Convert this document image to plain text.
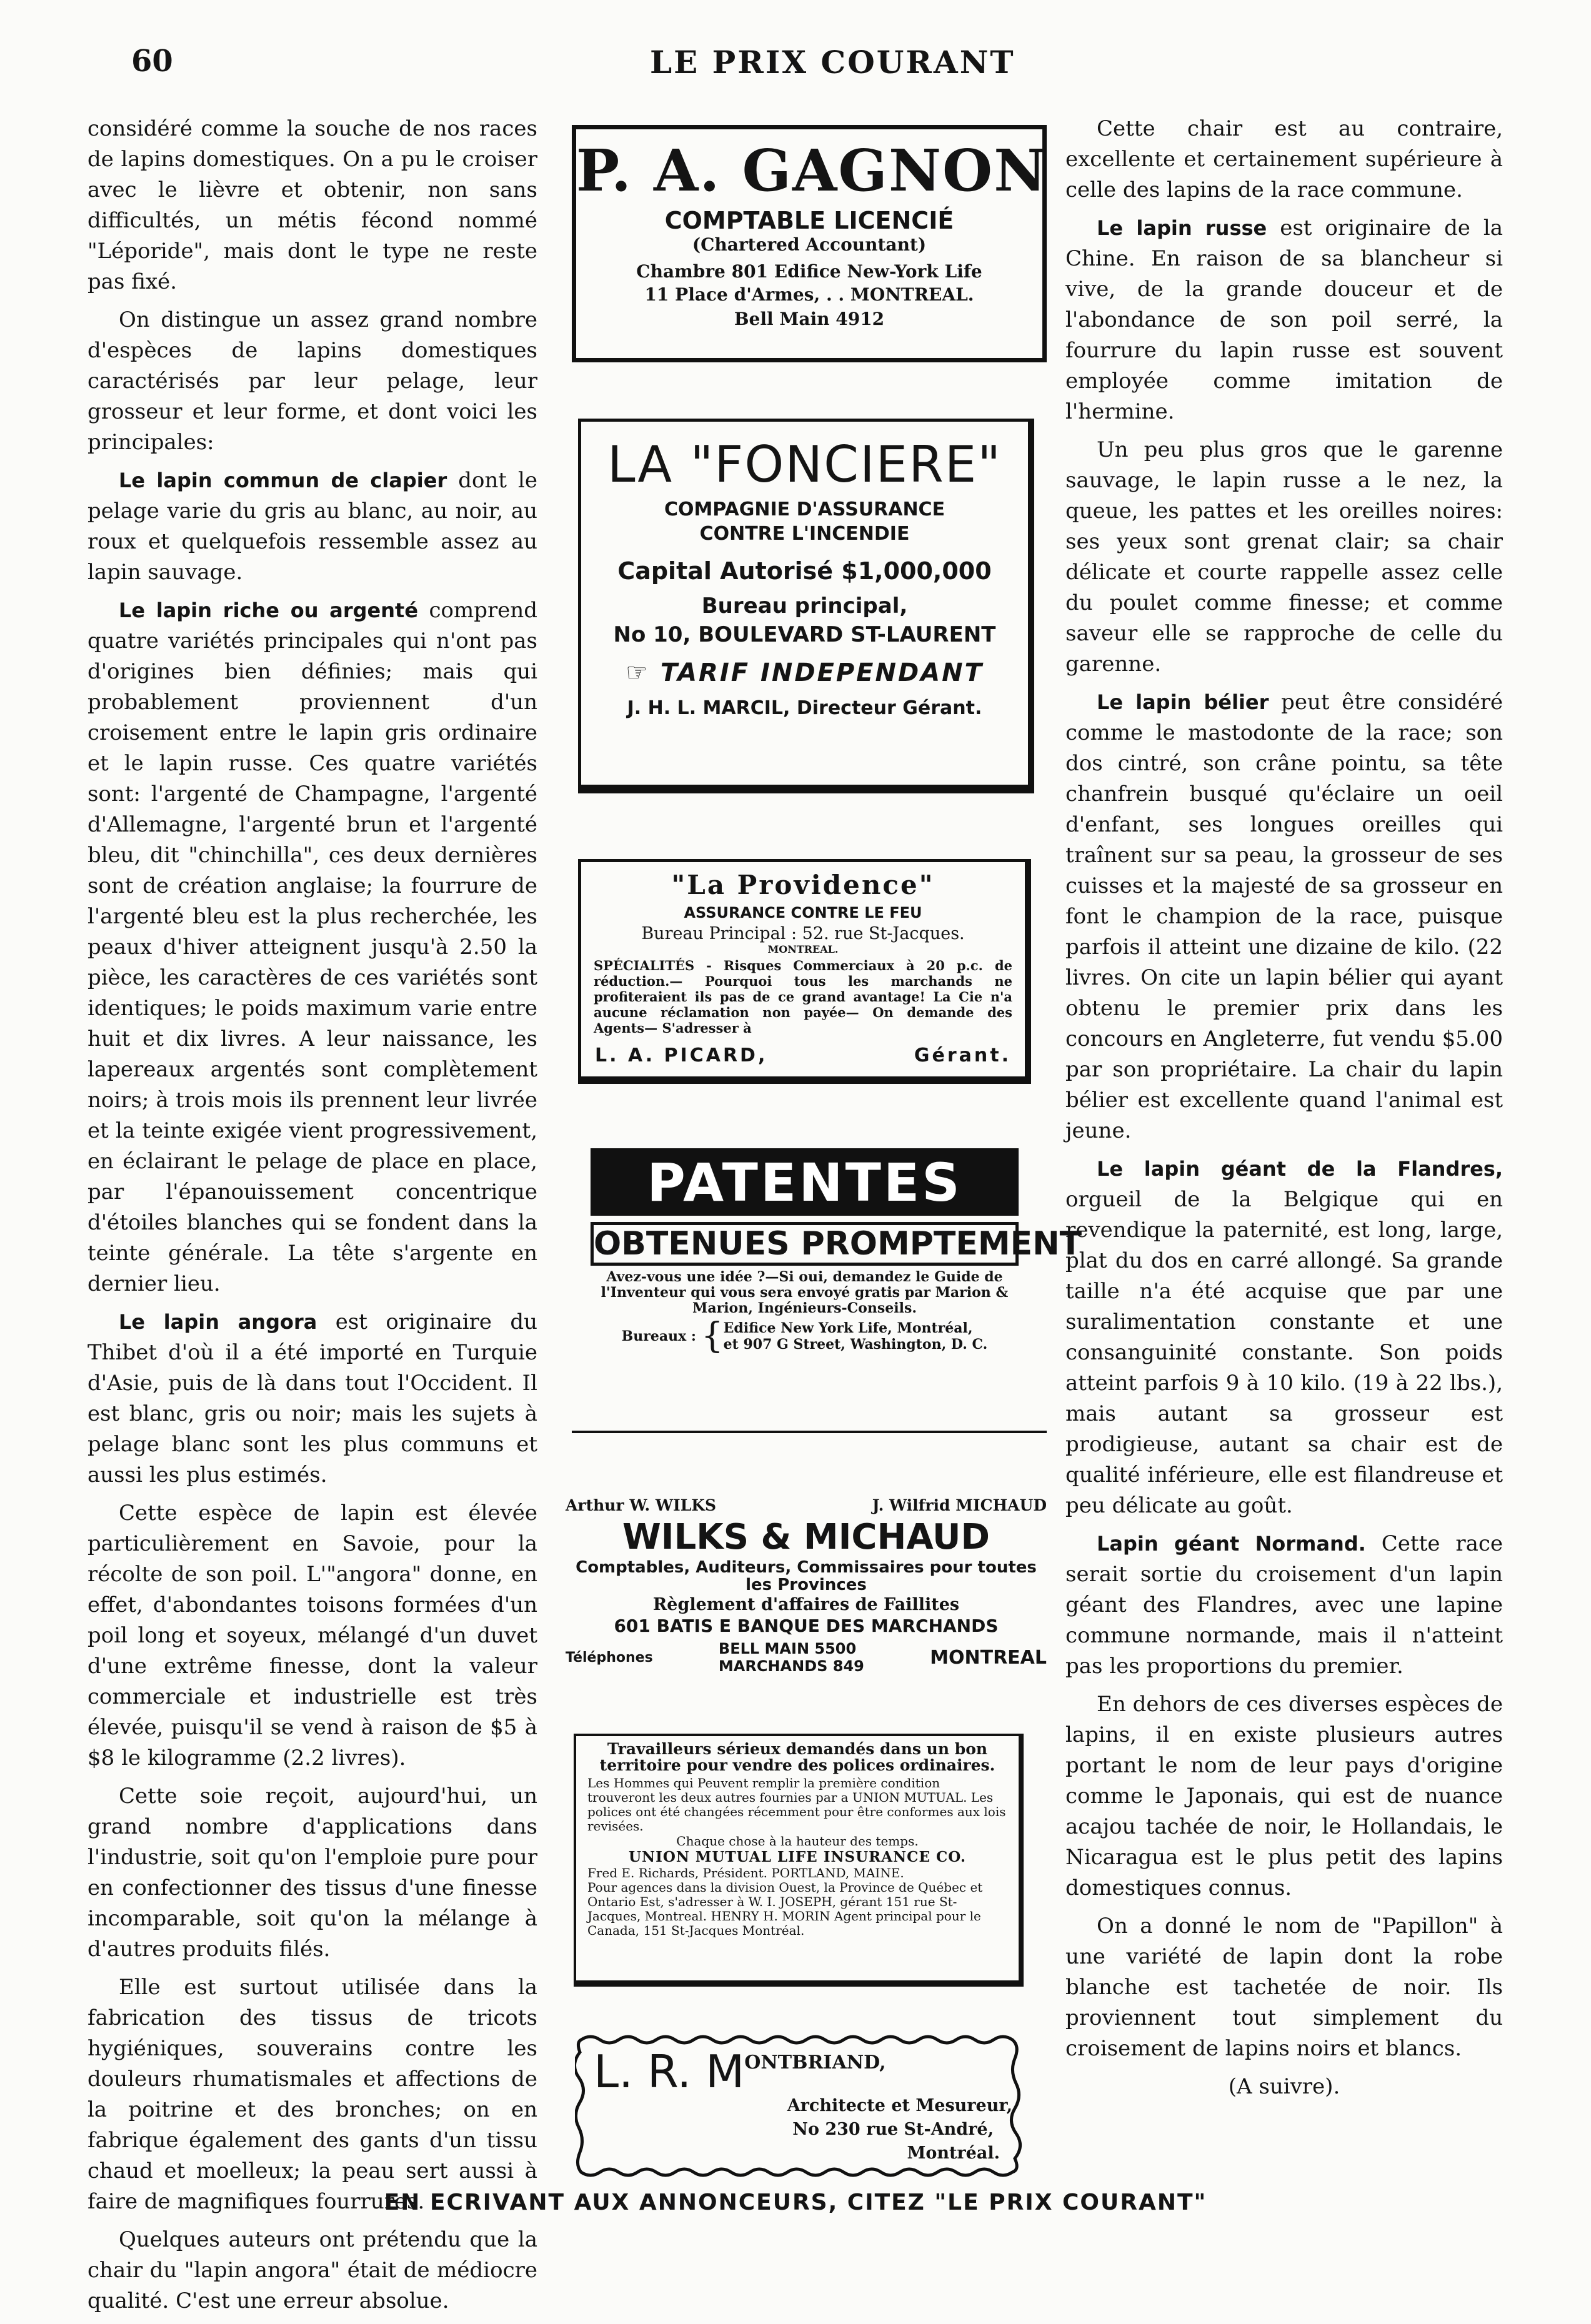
60	LE PRIX COURANT

considéré comme la souche de nos races de lapins domestiques. On a pu le croiser avec le lièvre et obtenir, non sans difficultés, un métis fécond nommé "Léporide", mais dont le type ne reste pas fixé.

On distingue un assez grand nombre d'espèces de lapins domestiques caractérisés par leur pelage, leur grosseur et leur forme, et dont voici les principales:

Le lapin commun de clapier dont le pelage varie du gris au blanc, au noir, au roux et quelquefois ressemble assez au lapin sauvage.

Le lapin riche ou argenté comprend quatre variétés principales qui n'ont pas d'origines bien définies; mais qui probablement proviennent d'un croisement entre le lapin gris ordinaire et le lapin russe. Ces quatre variétés sont: l'argenté de Champagne, l'argenté d'Allemagne, l'argenté brun et l'argenté bleu, dit "chinchilla", ces deux dernières sont de création anglaise; la fourrure de l'argenté bleu est la plus recherchée, les peaux d'hiver atteignent jusqu'à 2.50 la pièce, les caractères de ces variétés sont identiques; le poids maximum varie entre huit et dix livres. A leur naissance, les lapereaux argentés sont complètement noirs; à trois mois ils prennent leur livrée et la teinte exigée vient progressivement, en éclairant le pelage de place en place, par l'épanouissement concentrique d'étoiles blanches qui se fondent dans la teinte générale. La tête s'argente en dernier lieu.

Le lapin angora est originaire du Thibet d'où il a été importé en Turquie d'Asie, puis de là dans tout l'Occident. Il est blanc, gris ou noir; mais les sujets à pelage blanc sont les plus communs et aussi les plus estimés.

Cette espèce de lapin est élevée particulièrement en Savoie, pour la récolte de son poil. L'"angora" donne, en effet, d'abondantes toisons formées d'un poil long et soyeux, mélangé d'un duvet d'une extrême finesse, dont la valeur commerciale et industrielle est très élevée, puisqu'il se vend à raison de $5 à $8 le kilogramme (2.2 livres).

Cette soie reçoit, aujourd'hui, un grand nombre d'applications dans l'industrie, soit qu'on l'emploie pure pour en confectionner des tissus d'une finesse incomparable, soit qu'on la mélange à d'autres produits filés.

Elle est surtout utilisée dans la fabrication des tissus de tricots hygiéniques, souverains contre les douleurs rhumatismales et affections de la poitrine et des bronches; on en fabrique également des gants d'un tissu chaud et moelleux; la peau sert aussi à faire de magnifiques fourrures.

Quelques auteurs ont prétendu que la chair du "lapin angora" était de médiocre qualité. C'est une erreur absolue.

Cette chair est au contraire, excellente et certainement supérieure à celle des lapins de la race commune.

Le lapin russe est originaire de la Chine. En raison de sa blancheur si vive, de la grande douceur et de l'abondance de son poil serré, la fourrure du lapin russe est souvent employée comme imitation de l'hermine.

Un peu plus gros que le garenne sauvage, le lapin russe a le nez, la queue, les pattes et les oreilles noires: ses yeux sont grenat clair; sa chair délicate et courte rappelle assez celle du poulet comme finesse; et comme saveur elle se rapproche de celle du garenne.

Le lapin bélier peut être considéré comme le mastodonte de la race; son dos cintré, son crâne pointu, sa tête chanfrein busqué qu'éclaire un oeil d'enfant, ses longues oreilles qui traînent sur sa peau, la grosseur de ses cuisses et la majesté de sa grosseur en font le champion de la race, puisque parfois il atteint une dizaine de kilo. (22 livres. On cite un lapin bélier qui ayant obtenu le premier prix dans les concours en Angleterre, fut vendu $5.00 par son propriétaire. La chair du lapin bélier est excellente quand l'animal est jeune.

Le lapin géant de la Flandres, orgueil de la Belgique qui en revendique la paternité, est long, large, plat du dos en carré allongé. Sa grande taille n'a été acquise que par une suralimentation constante et une consanguinité constante. Son poids atteint parfois 9 à 10 kilo. (19 à 22 lbs.), mais autant sa grosseur est prodigieuse, autant sa chair est de qualité inférieure, elle est filandreuse et peu délicate au goût.

Lapin géant Normand. Cette race serait sortie du croisement d'un lapin géant des Flandres, avec une lapine commune normande, mais il n'atteint pas les proportions du premier.

En dehors de ces diverses espèces de lapins, il en existe plusieurs autres portant le nom de leur pays d'origine comme le Japonais, qui est de nuance acajou tachée de noir, le Hollandais, le Nicaragua est le plus petit des lapins domestiques connus.

On a donné le nom de "Papillon" à une variété de lapin dont la robe blanche est tachetée de noir. Ils proviennent tout simplement du croisement de lapins noirs et blancs.

(A suivre).

P. A. GAGNON
COMPTABLE LICENCIÉ
(Chartered Accountant)
Chambre 801 Edifice New-York Life
11 Place d'Armes, . . MONTREAL.
Bell Main 4912
LA "FONCIERE"
COMPAGNIE D'ASSURANCE
CONTRE L'INCENDIE
Capital Autorisé $1,000,000
Bureau principal,
No 10, BOULEVARD ST-LAURENT
☞ TARIF INDEPENDANT
J. H. L. MARCIL, Directeur Gérant.
"La Providence"
ASSURANCE CONTRE LE FEU
Bureau Principal : 52. rue St-Jacques.
MONTREAL.
SPÉCIALITÉS - Risques Commerciaux à 20 p.c. de réduction.— Pourquoi tous les marchands ne profiteraient ils pas de ce grand avantage! La Cie n'a aucune réclamation non payée— On demande des Agents— S'adresser à
L. A. PICARD,	Gérant.
PATENTES
OBTENUES PROMPTEMENT
Avez-vous une idée ?—Si oui, demandez le Guide de l'Inventeur qui vous sera envoyé gratis par Marion & Marion, Ingénieurs-Conseils.
Bureaux : { Edifice New York Life, Montréal,
et 907 G Street, Washington, D. C.
Arthur W. WILKS	J. Wilfrid MICHAUD
WILKS & MICHAUD
Comptables, Auditeurs, Commissaires pour toutes les Provinces
Règlement d'affaires de Faillites
601 BATIS E BANQUE DES MARCHANDS
Téléphones	BELL MAIN 5500
MARCHANDS 849	MONTREAL
Travailleurs sérieux demandés dans un bon territoire pour vendre des polices ordinaires.
Les Hommes qui Peuvent remplir la première condition trouveront les deux autres fournies par a UNION MUTUAL. Les polices ont été changées récemment pour être conformes aux lois revisées.
Chaque chose à la hauteur des temps.
UNION MUTUAL LIFE INSURANCE CO.
Fred E. Richards, Président. PORTLAND, MAINE.
Pour agences dans la division Ouest, la Province de Québec et Ontario Est, s'adresser à W. I. JOSEPH, gérant 151 rue St-Jacques, Montreal. HENRY H. MORIN Agent principal pour le Canada, 151 St-Jacques Montréal.
L. R. M ONTBRIAND,
Architecte et Mesureur,
No 230 rue St-André,
Montréal.
EN ECRIVANT AUX ANNONCEURS, CITEZ "LE PRIX COURANT"
